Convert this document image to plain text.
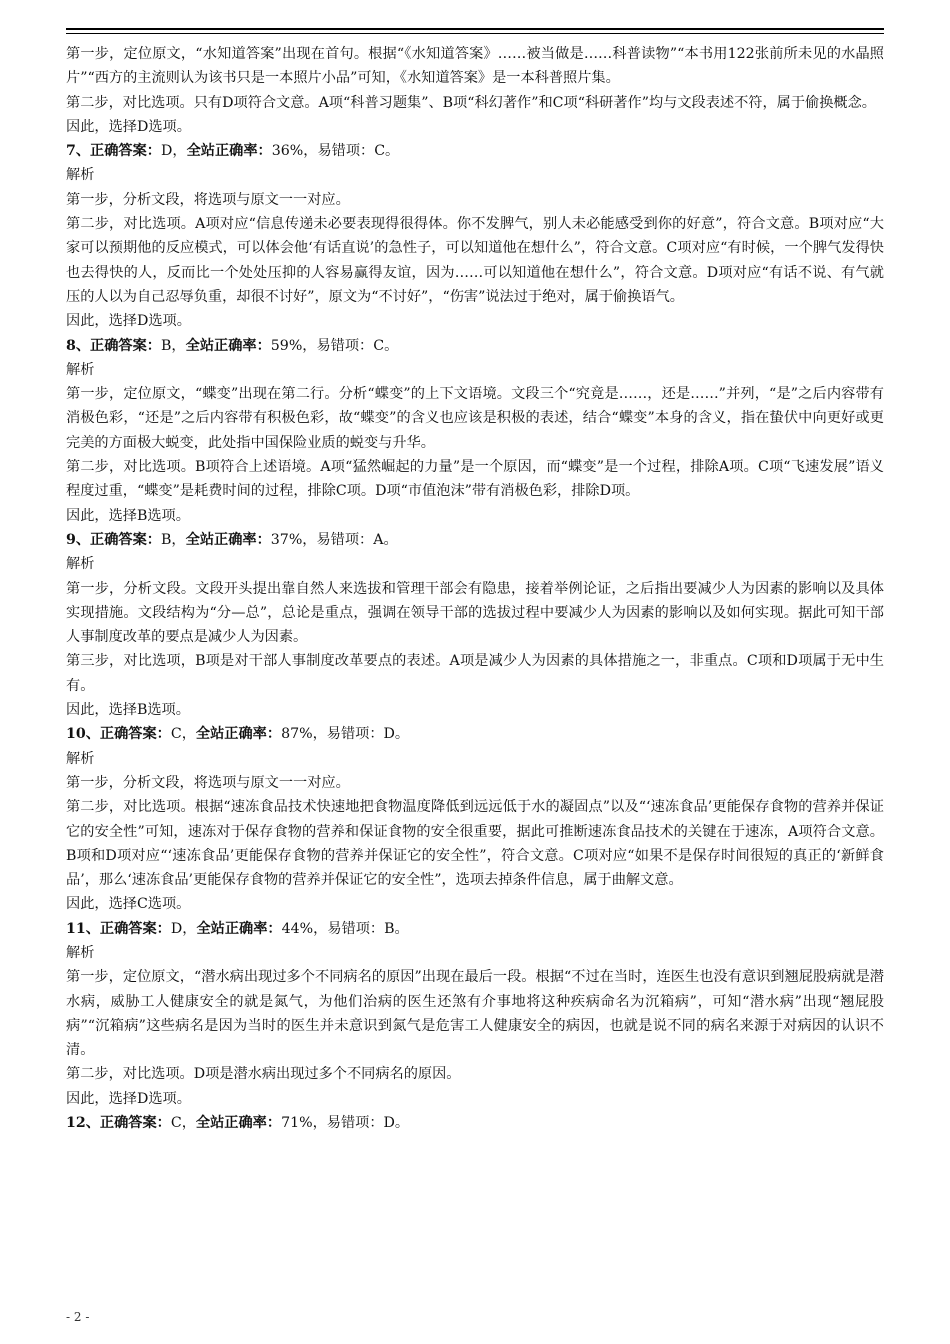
第一步，定位原文，“水知道答案”出现在首句。根据“《水知道答案》……被当做是……科普读物”“本书用122张前所未见的水晶照片”“西方的主流则认为该书只是一本照片小品”可知，《水知道答案》是一本科普照片集。

第二步，对比选项。只有D项符合文意。A项“科普习题集”、B项“科幻著作”和C项“科研著作”均与文段表述不符，属于偷换概念。

因此，选择D选项。

7、正确答案：D，全站正确率：36%，易错项：C。

解析

第一步，分析文段，将选项与原文一一对应。

第二步，对比选项。A项对应“信息传递未必要表现得很得体。你不发脾气，别人未必能感受到你的好意”，符合文意。B项对应“大家可以预期他的反应模式，可以体会他‘有话直说’的急性子，可以知道他在想什么”，符合文意。C项对应“有时候，一个脾气发得快也去得快的人，反而比一个处处压抑的人容易赢得友谊，因为……可以知道他在想什么”，符合文意。D项对应“有话不说、有气就压的人以为自己忍辱负重，却很不讨好”，原文为“不讨好”，“伤害”说法过于绝对，属于偷换语气。

因此，选择D选项。

8、正确答案：B，全站正确率：59%，易错项：C。

解析

第一步，定位原文，“蝶变”出现在第二行。分析“蝶变”的上下文语境。文段三个“究竟是……，还是……”并列，“是”之后内容带有消极色彩，“还是”之后内容带有积极色彩，故“蝶变”的含义也应该是积极的表述，结合“蝶变”本身的含义，指在蛰伏中向更好或更完美的方面极大蜕变，此处指中国保险业质的蜕变与升华。

第二步，对比选项。B项符合上述语境。A项“猛然崛起的力量”是一个原因，而“蝶变”是一个过程，排除A项。C项“飞速发展”语义程度过重，“蝶变”是耗费时间的过程，排除C项。D项“市值泡沫”带有消极色彩，排除D项。

因此，选择B选项。

9、正确答案：B，全站正确率：37%，易错项：A。

解析

第一步，分析文段。文段开头提出靠自然人来选拔和管理干部会有隐患，接着举例论证，之后指出要减少人为因素的影响以及具体实现措施。文段结构为“分—总”，总论是重点，强调在领导干部的选拔过程中要减少人为因素的影响以及如何实现。据此可知干部人事制度改革的要点是减少人为因素。

第三步，对比选项，B项是对干部人事制度改革要点的表述。A项是减少人为因素的具体措施之一，非重点。C项和D项属于无中生有。

因此，选择B选项。

10、正确答案：C，全站正确率：87%，易错项：D。

解析

第一步，分析文段，将选项与原文一一对应。

第二步，对比选项。根据“速冻食品技术快速地把食物温度降低到远远低于水的凝固点”以及“‘速冻食品’更能保存食物的营养并保证它的安全性”可知，速冻对于保存食物的营养和保证食物的安全很重要，据此可推断速冻食品技术的关键在于速冻，A项符合文意。B项和D项对应“‘速冻食品’更能保存食物的营养并保证它的安全性”，符合文意。C项对应“如果不是保存时间很短的真正的‘新鲜食品’，那么‘速冻食品’更能保存食物的营养并保证它的安全性”，选项去掉条件信息，属于曲解文意。

因此，选择C选项。

11、正确答案：D，全站正确率：44%，易错项：B。

解析

第一步，定位原文，“潜水病出现过多个不同病名的原因”出现在最后一段。根据“不过在当时，连医生也没有意识到翘屁股病就是潜水病，威胁工人健康安全的就是氮气，为他们治病的医生还煞有介事地将这种疾病命名为沉箱病”，可知“潜水病”出现“翘屁股病”“沉箱病”这些病名是因为当时的医生并未意识到氮气是危害工人健康安全的病因，也就是说不同的病名来源于对病因的认识不清。

第二步，对比选项。D项是潜水病出现过多个不同病名的原因。

因此，选择D选项。

12、正确答案：C，全站正确率：71%，易错项：D。

- 2 -
